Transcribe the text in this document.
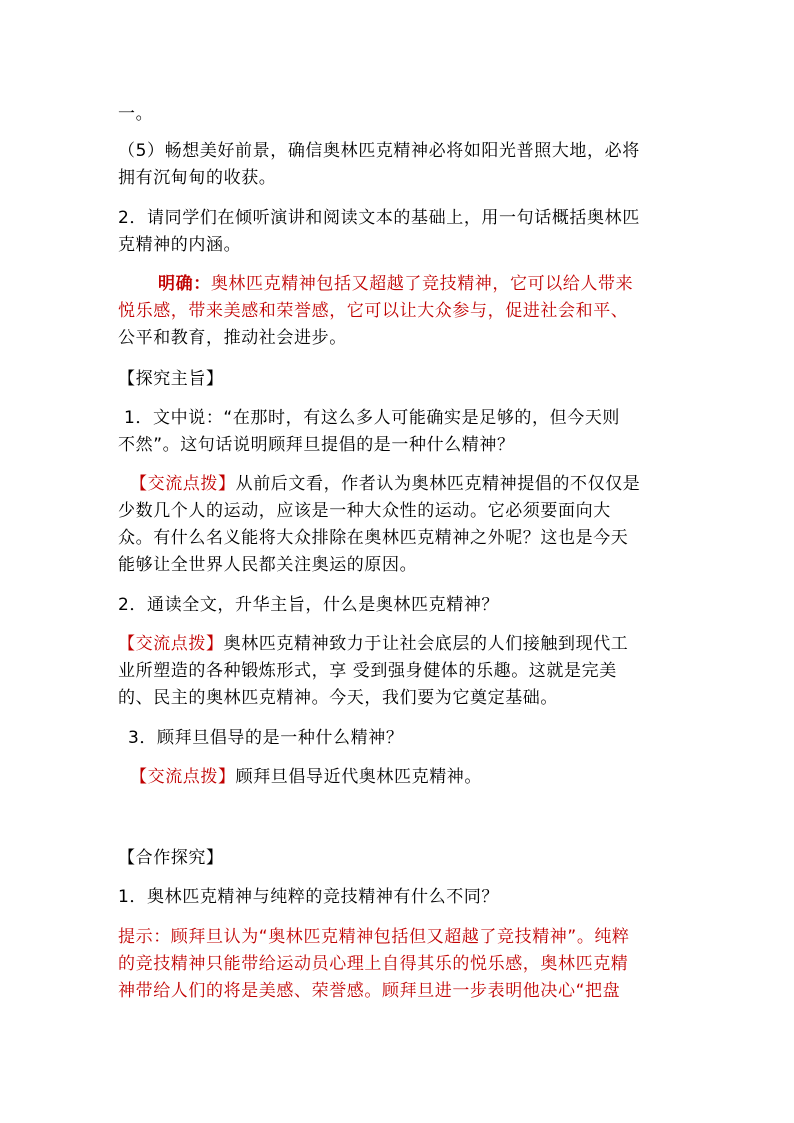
一。
（5）畅想美好前景，确信奥林匹克精神必将如阳光普照大地，必将
拥有沉甸甸的收获。
2．请同学们在倾听演讲和阅读文本的基础上，用一句话概括奥林匹
克精神的内涵。
明确：奥林匹克精神包括又超越了竞技精神，它可以给人带来
悦乐感，带来美感和荣誉感，它可以让大众参与，促进社会和平、
公平和教育，推动社会进步。
【探究主旨】
1．文中说：“在那时，有这么多人可能确实是足够的，但今天则
不然”。这句话说明顾拜旦提倡的是一种什么精神？
【交流点拨】从前后文看，作者认为奥林匹克精神提倡的不仅仅是
少数几个人的运动，应该是一种大众性的运动。它必须要面向大
众。有什么名义能将大众排除在奥林匹克精神之外呢？这也是今天
能够让全世界人民都关注奥运的原因。
2．通读全文，升华主旨，什么是奥林匹克精神？
【交流点拨】奥林匹克精神致力于让社会底层的人们接触到现代工
业所塑造的各种锻炼形式，享 受到强身健体的乐趣。这就是完美
的、民主的奥林匹克精神。今天，我们要为它奠定基础。
3．顾拜旦倡导的是一种什么精神？
【交流点拨】顾拜旦倡导近代奥林匹克精神。
【合作探究】
1．奥林匹克精神与纯粹的竞技精神有什么不同？
提示：顾拜旦认为“奥林匹克精神包括但又超越了竞技精神”。纯粹
的竞技精神只能带给运动员心理上自得其乐的悦乐感，奥林匹克精
神带给人们的将是美感、荣誉感。顾拜旦进一步表明他决心“把盘
